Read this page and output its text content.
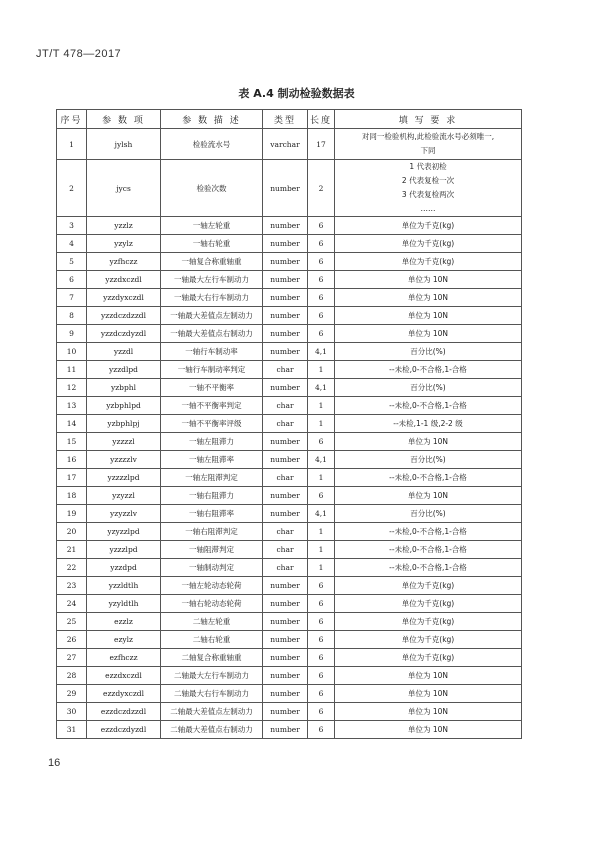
JT/T 478—2017
表 A.4 制动检验数据表
序号	参 数 项	参 数 描 述	类型	长度	填 写 要 求
1	jylsh	检验流水号	varchar	17	对同一检验机构,此检验流水号必须唯一,
下同

2	jycs	检验次数	number	2	1 代表初检
2 代表复检一次
3 代表复检两次
……

3	yzzlz	一轴左轮重	number	6	单位为千克(kg)

4	yzylz	一轴右轮重	number	6	单位为千克(kg)

5	yzfhczz	一轴复合称重轴重	number	6	单位为千克(kg)

6	yzzdxczdl	一轴最大左行车制动力	number	6	单位为 10N

7	yzzdyxczdl	一轴最大右行车制动力	number	6	单位为 10N

8	yzzdczdzzdl	一轴最大差值点左制动力	number	6	单位为 10N

9	yzzdczdyzdl	一轴最大差值点右制动力	number	6	单位为 10N

10	yzzdl	一轴行车制动率	number	4,1	百分比(%)

11	yzzdlpd	一轴行车制动率判定	char	1	--未检,0-不合格,1-合格

12	yzbphl	一轴不平衡率	number	4,1	百分比(%)

13	yzbphlpd	一轴不平衡率判定	char	1	--未检,0-不合格,1-合格

14	yzbphlpj	一轴不平衡率评级	char	1	--未检,1-1 级,2-2 级

15	yzzzzl	一轴左阻滞力	number	6	单位为 10N

16	yzzzzlv	一轴左阻滞率	number	4,1	百分比(%)

17	yzzzzlpd	一轴左阻滞判定	char	1	--未检,0-不合格,1-合格

18	yzyzzl	一轴右阻滞力	number	6	单位为 10N

19	yzyzzlv	一轴右阻滞率	number	4,1	百分比(%)

20	yzyzzlpd	一轴右阻滞判定	char	1	--未检,0-不合格,1-合格

21	yzzzlpd	一轴阻滞判定	char	1	--未检,0-不合格,1-合格

22	yzzdpd	一轴制动判定	char	1	--未检,0-不合格,1-合格

23	yzzldtlh	一轴左轮动态轮荷	number	6	单位为千克(kg)

24	yzyldtlh	一轴右轮动态轮荷	number	6	单位为千克(kg)

25	ezzlz	二轴左轮重	number	6	单位为千克(kg)

26	ezylz	二轴右轮重	number	6	单位为千克(kg)

27	ezfhczz	二轴复合称重轴重	number	6	单位为千克(kg)

28	ezzdxczdl	二轴最大左行车制动力	number	6	单位为 10N

29	ezzdyxczdl	二轴最大右行车制动力	number	6	单位为 10N

30	ezzdczdzzdl	二轴最大差值点左制动力	number	6	单位为 10N

31	ezzdczdyzdl	二轴最大差值点右制动力	number	6	单位为 10N
16
